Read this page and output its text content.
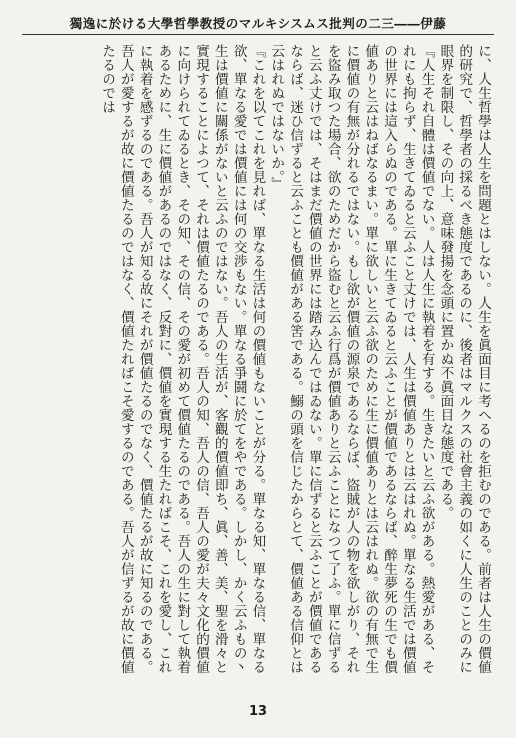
獨逸に於ける大學哲學教授のマルキシスムス批判の二三――伊藤

に、人生哲學は人生を問題とはしない。人生を眞面目に考へるのを拒むのである。前者は人生の價値的研究で、哲學者の採るべき態度であるのに、後者はマルクスの社會主義の如くに人生のことのみに眼界を制限し、その向上、意味發揚を念頭に置かぬ不眞面目な態度である。

『人生それ自體は價値でない。人は人生に執着を有する。生きたいと云ふ欲がある。熱愛がある、それにも拘らず、生きてゐると云ふこと丈けでは、人生は價値ありとは云はれぬ。單なる生活では價値の世界には這入らぬのである。單に生きてゐると云ふことが價値であるならば、醉生夢死の生でも價値ありと云はねばなるまい。單に欲しいと云ふ欲のために生に價値ありとは云はれぬ。欲の有無で生に價値の有無が分れるではない。もし欲が價値の源泉であるならば、盜賊が人の物を欲しがり、それを盜み取つた場合、欲のためだから盜むと云ふ行爲が價値ありと云ふことになつて了ふ。單に信ずると云ふ丈けでは、そはまだ價値の世界には踏み込んではゐない。單に信ずると云ふことが價値であるならば、迷ひ信ずると云ふことも價値がある筈である。鰯の頭を信じたからとて、價値ある信仰とは云はれぬではないか。』

『これを以てこれを見れば、單なる生活は何の價値もないことが分る。單なる知、單なる信、單なる欲、單なる愛では價値には何の交渉もない。單なる爭鬪に於てをやである。しかし、かく云ふもの丶生は價値に關係がないと云ふのではない。吾人の生活が、客觀的價値即ち、眞、善、美、聖を滑々と實現することによつて、それは價値たるのである。吾人の知、吾人の信、吾人の愛が夫々文化的價値に向けられてゐるとき、その知、その信、その愛が初めて價値たるのである。吾人の生に對して執着あるために、生に價値があるのではなく、反對に、價値を實現する生たればこそ、これを愛し、これに執着を感ずるのである。吾人が知る故にそれが價値たるのでなく、價値たるが故に知るのである。吾人が愛するが故に價値たるのではなく、價値たればこそ愛するのである。吾人が信ずるが故に價値たるのでは

13
